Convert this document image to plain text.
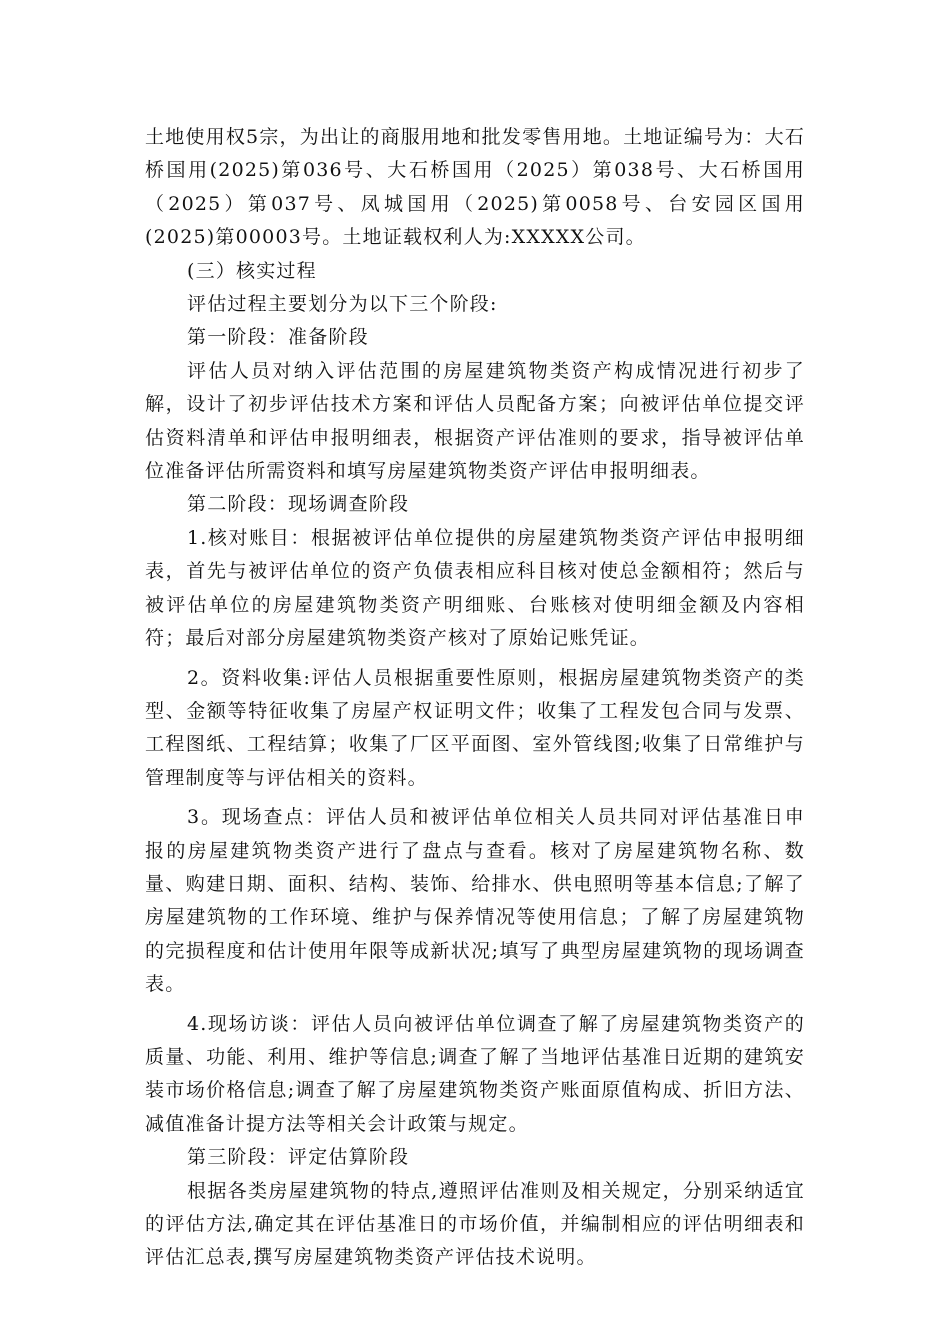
土地使用权5宗，为出让的商服用地和批发零售用地。土地证编号为：大石桥国用(2025)第036号、大石桥国用（2025）第038号、大石桥国用（2025）第037号、凤城国用（2025)第0058号、台安园区国用(2025)第00003号。土地证载权利人为:XXXXX公司。

(三）核实过程

评估过程主要划分为以下三个阶段:

第一阶段：准备阶段

评估人员对纳入评估范围的房屋建筑物类资产构成情况进行初步了解，设计了初步评估技术方案和评估人员配备方案；向被评估单位提交评估资料清单和评估申报明细表，根据资产评估准则的要求，指导被评估单位准备评估所需资料和填写房屋建筑物类资产评估申报明细表。

第二阶段：现场调查阶段

1.核对账目：根据被评估单位提供的房屋建筑物类资产评估申报明细表，首先与被评估单位的资产负债表相应科目核对使总金额相符；然后与被评估单位的房屋建筑物类资产明细账、台账核对使明细金额及内容相符；最后对部分房屋建筑物类资产核对了原始记账凭证。

2。资料收集:评估人员根据重要性原则，根据房屋建筑物类资产的类型、金额等特征收集了房屋产权证明文件；收集了工程发包合同与发票、工程图纸、工程结算；收集了厂区平面图、室外管线图;收集了日常维护与管理制度等与评估相关的资料。

3。现场查点：评估人员和被评估单位相关人员共同对评估基准日申报的房屋建筑物类资产进行了盘点与查看。核对了房屋建筑物名称、数量、购建日期、面积、结构、装饰、给排水、供电照明等基本信息;了解了房屋建筑物的工作环境、维护与保养情况等使用信息；了解了房屋建筑物的完损程度和估计使用年限等成新状况;填写了典型房屋建筑物的现场调查表。

4.现场访谈：评估人员向被评估单位调查了解了房屋建筑物类资产的质量、功能、利用、维护等信息;调查了解了当地评估基准日近期的建筑安装市场价格信息;调查了解了房屋建筑物类资产账面原值构成、折旧方法、减值准备计提方法等相关会计政策与规定。

第三阶段：评定估算阶段

根据各类房屋建筑物的特点,遵照评估准则及相关规定，分别采纳适宜的评估方法,确定其在评估基准日的市场价值，并编制相应的评估明细表和评估汇总表,撰写房屋建筑物类资产评估技术说明。
